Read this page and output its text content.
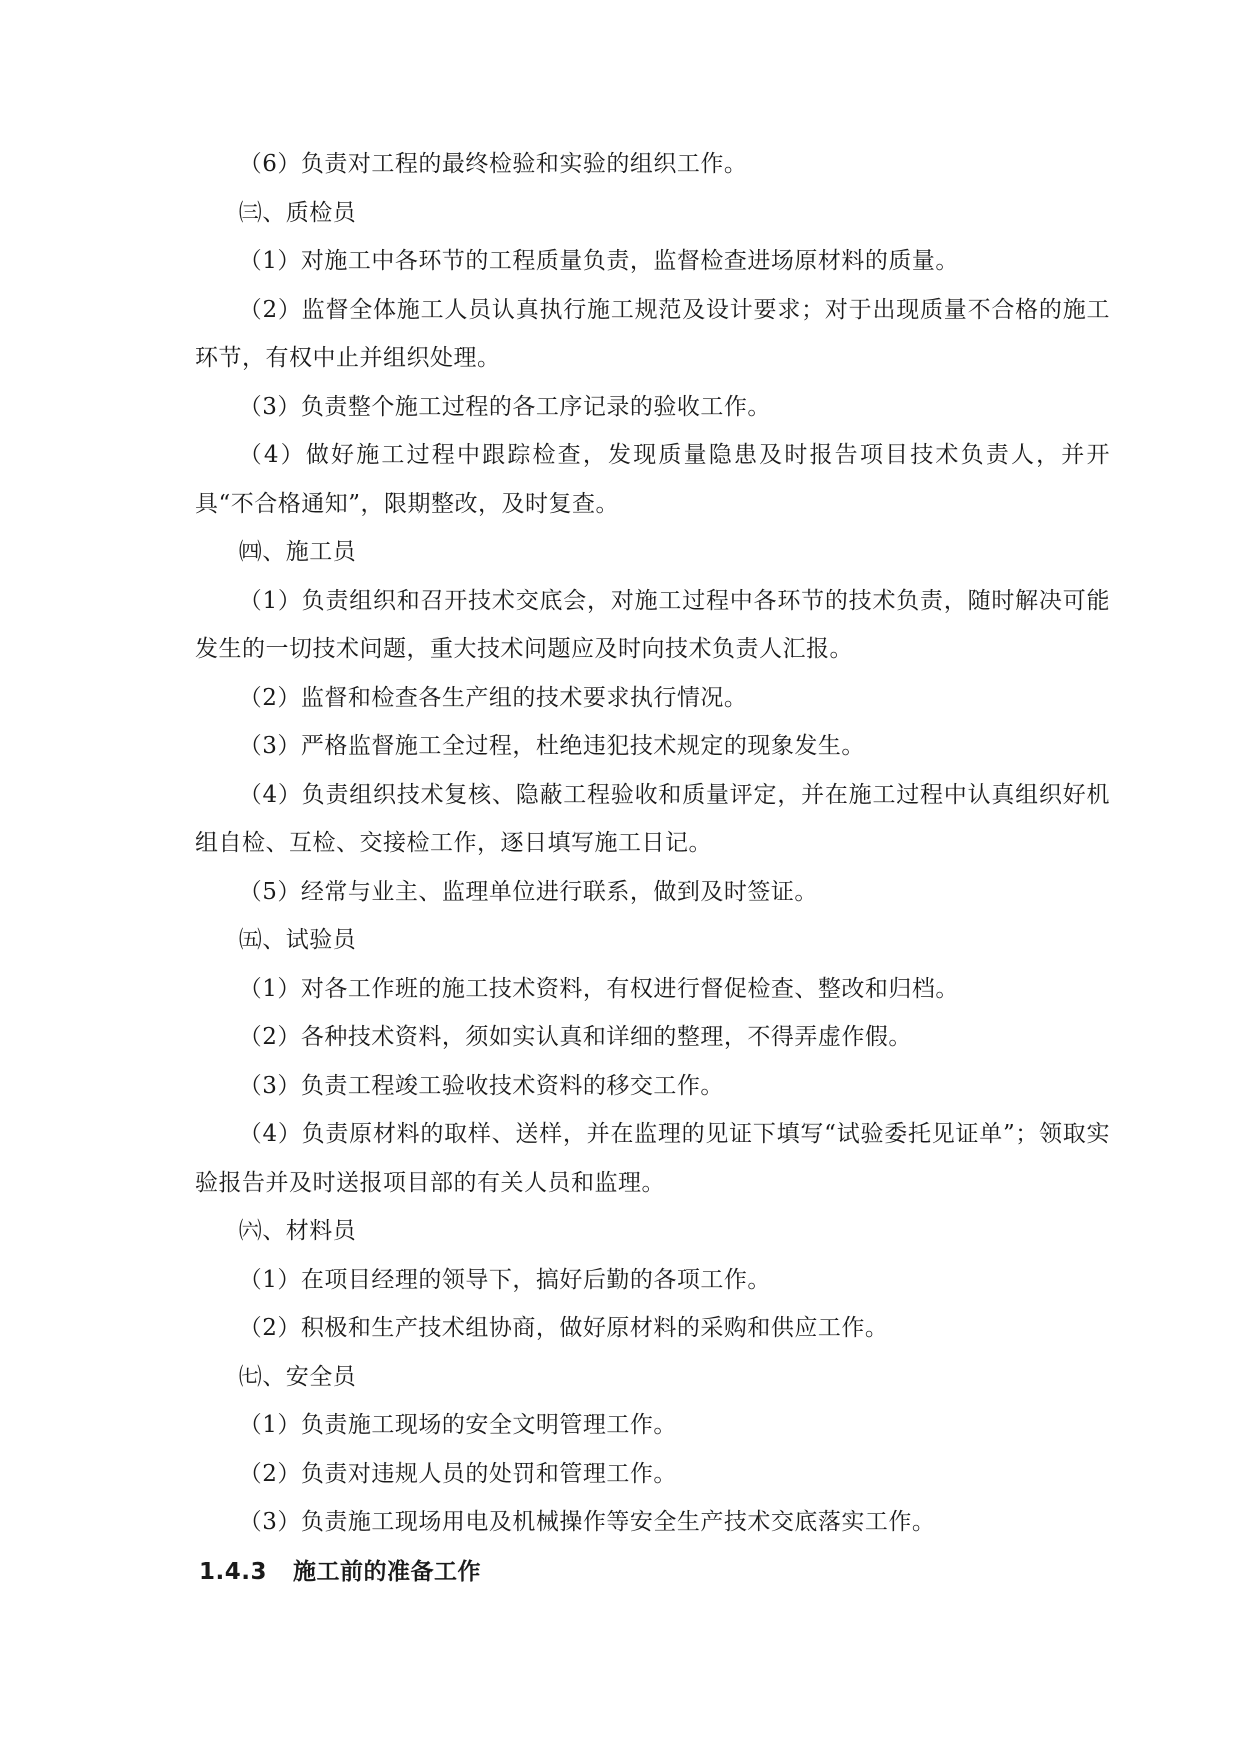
（6）负责对工程的最终检验和实验的组织工作。
㈢、质检员
（1）对施工中各环节的工程质量负责，监督检查进场原材料的质量。
（2）监督全体施工人员认真执行施工规范及设计要求；对于出现质量不合格的施工环节，有权中止并组织处理。
（3）负责整个施工过程的各工序记录的验收工作。
（4）做好施工过程中跟踪检查，发现质量隐患及时报告项目技术负责人，并开具“不合格通知”，限期整改，及时复查。
㈣、施工员
（1）负责组织和召开技术交底会，对施工过程中各环节的技术负责，随时解决可能发生的一切技术问题，重大技术问题应及时向技术负责人汇报。
（2）监督和检查各生产组的技术要求执行情况。
（3）严格监督施工全过程，杜绝违犯技术规定的现象发生。
（4）负责组织技术复核、隐蔽工程验收和质量评定，并在施工过程中认真组织好机组自检、互检、交接检工作，逐日填写施工日记。
（5）经常与业主、监理单位进行联系，做到及时签证。
㈤、试验员
（1）对各工作班的施工技术资料，有权进行督促检查、整改和归档。
（2）各种技术资料，须如实认真和详细的整理，不得弄虚作假。
（3）负责工程竣工验收技术资料的移交工作。
（4）负责原材料的取样、送样，并在监理的见证下填写“试验委托见证单”；领取实验报告并及时送报项目部的有关人员和监理。
㈥、材料员
（1）在项目经理的领导下，搞好后勤的各项工作。
（2）积极和生产技术组协商，做好原材料的采购和供应工作。
㈦、安全员
（1）负责施工现场的安全文明管理工作。
（2）负责对违规人员的处罚和管理工作。
（3）负责施工现场用电及机械操作等安全生产技术交底落实工作。
1.4.3 施工前的准备工作
